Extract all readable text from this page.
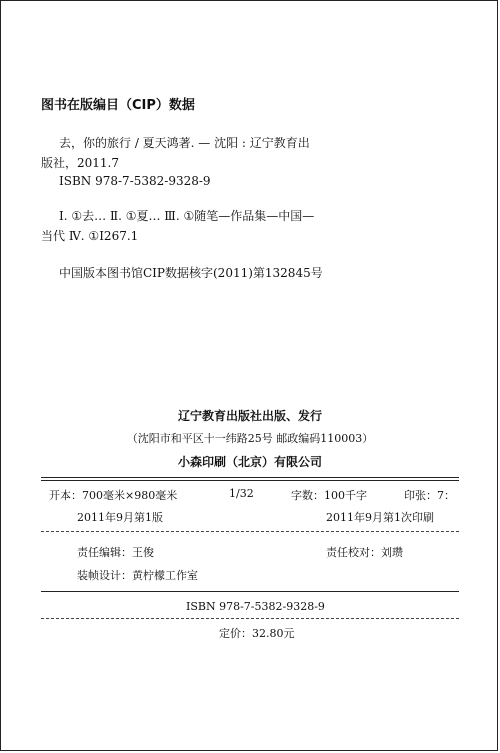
图书在版编目（CIP）数据
去，你的旅行 / 夏天鸿著. — 沈阳 : 辽宁教育出
版社，2011.7
ISBN 978-7-5382-9328-9
Ⅰ. ①去… Ⅱ. ①夏… Ⅲ. ①随笔—作品集—中国—
当代 Ⅳ. ①I267.1
中国版本图书馆CIP数据核字(2011)第132845号
辽宁教育出版社出版、发行
（沈阳市和平区十一纬路25号 邮政编码110003）
小森印刷（北京）有限公司
开本：700毫米×980毫米	1/32	字数：100千字	印张：7：
2011年9月第1版	2011年9月第1次印刷
责任编辑：王俊	责任校对：刘瓒
装帧设计：黄柠檬工作室
ISBN 978-7-5382-9328-9
定价：32.80元
